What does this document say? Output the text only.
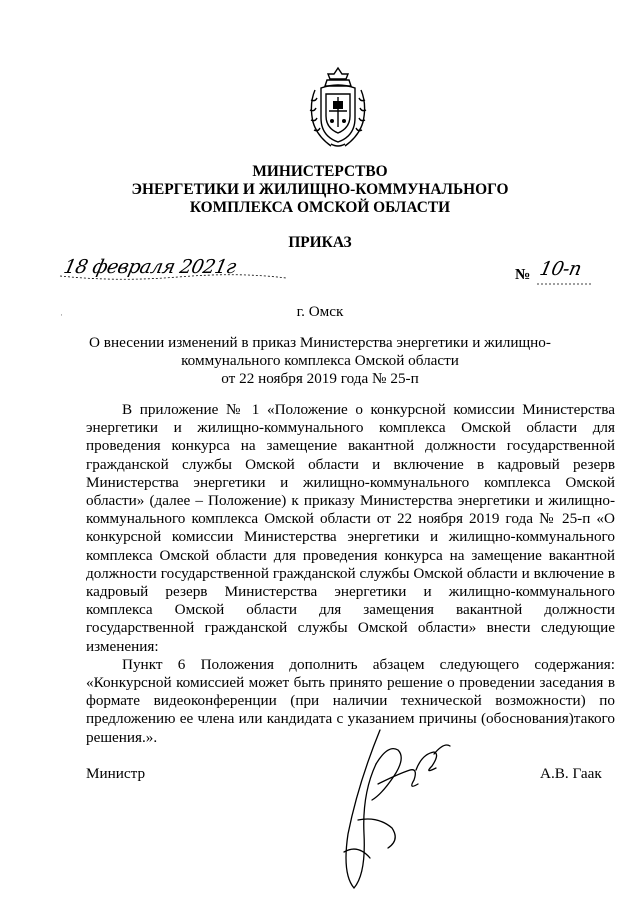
МИНИСТЕРСТВО
ЭНЕРГЕТИКИ И ЖИЛИЩНО-КОММУНАЛЬНОГО
КОМПЛЕКСА ОМСКОЙ ОБЛАСТИ
ПРИКАЗ
18 февраля 2021г	№ 10-п
г. Омск
·
О внесении изменений в приказ Министерства энергетики и жилищно-
коммунального комплекса Омской области
от 22 ноября 2019 года № 25-п

В приложение № 1 «Положение о конкурсной комиссии Министерства энергетики и жилищно-коммунального комплекса Омской области для проведения конкурса на замещение вакантной должности государственной гражданской службы Омской области и включение в кадровый резерв Министерства энергетики и жилищно-коммунального комплекса Омской области» (далее – Положение) к приказу Министерства энергетики и жилищно-коммунального комплекса Омской области от 22 ноября 2019 года № 25-п «О конкурсной комиссии Министерства энергетики и жилищно-коммунального комплекса Омской области для проведения конкурса на замещение вакантной должности государственной гражданской службы Омской области и включение в кадровый резерв Министерства энергетики и жилищно-коммунального комплекса Омской области для замещения вакантной должности государственной гражданской службы Омской области» внести следующие изменения:

Пункт 6 Положения дополнить абзацем следующего содержания: «Конкурсной комиссией может быть принято решение о проведении заседания в формате видеоконференции (при наличии технической возможности) по предложению ее члена или кандидата с указанием причины (обоснования)такого решения.».

Министр	А.В. Гаак
